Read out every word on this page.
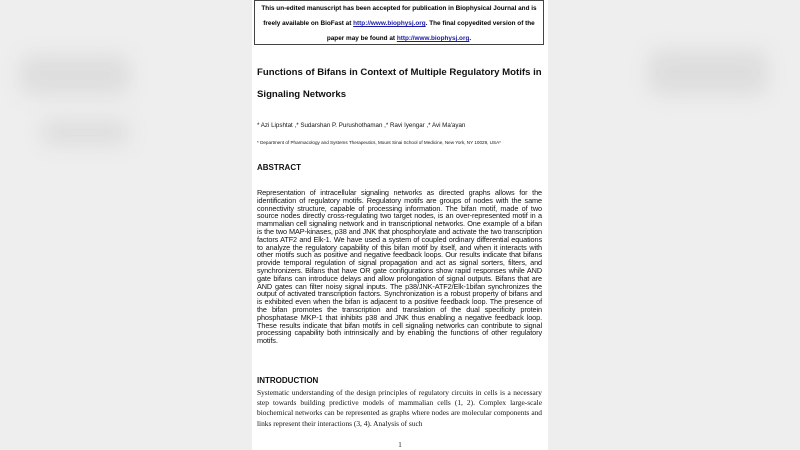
This un-edited manuscript has been accepted for publication in Biophysical Journal and is
freely available on BioFast at http://www.biophysj.org. The final copyedited version of the
paper may be found at http://www.biophysj.org.
Functions of Bifans in Context of Multiple Regulatory Motifs in Signaling Networks
* Azi Lipshtat ,* Sudarshan P. Purushothaman ,* Ravi Iyengar ,* Avi Ma'ayan
* Department of Pharmacology and Systems Therapeutics, Mount Sinai School of Medicine, New York, NY 10029, USA*
ABSTRACT
Representation of intracellular signaling networks as directed graphs allows for the identification of regulatory motifs. Regulatory motifs are groups of nodes with the same connectivity structure, capable of processing information. The bifan motif, made of two source nodes directly cross-regulating two target nodes, is an over-represented motif in a mammalian cell signaling network and in transcriptional networks. One example of a bifan is the two MAP-kinases, p38 and JNK that phosphorylate and activate the two transcription factors ATF2 and Elk-1. We have used a system of coupled ordinary differential equations to analyze the regulatory capability of this bifan motif by itself, and when it interacts with other motifs such as positive and negative feedback loops. Our results indicate that bifans provide temporal regulation of signal propagation and act as signal sorters, filters, and synchronizers. Bifans that have OR gate configurations show rapid responses while AND gate bifans can introduce delays and allow prolongation of signal outputs. Bifans that are AND gates can filter noisy signal inputs. The p38/JNK-ATF2/Elk-1bifan synchronizes the output of activated transcription factors. Synchronization is a robust property of bifans and is exhibited even when the bifan is adjacent to a positive feedback loop. The presence of the bifan promotes the transcription and translation of the dual specificity protein phosphatase MKP-1 that inhibits p38 and JNK thus enabling a negative feedback loop. These results indicate that bifan motifs in cell signaling networks can contribute to signal processing capability both intrinsically and by enabling the functions of other regulatory motifs.
INTRODUCTION
Systematic understanding of the design principles of regulatory circuits in cells is a necessary step towards building predictive models of mammalian cells (1, 2). Complex large-scale biochemical networks can be represented as graphs where nodes are molecular components and links represent their interactions (3, 4). Analysis of such
1
